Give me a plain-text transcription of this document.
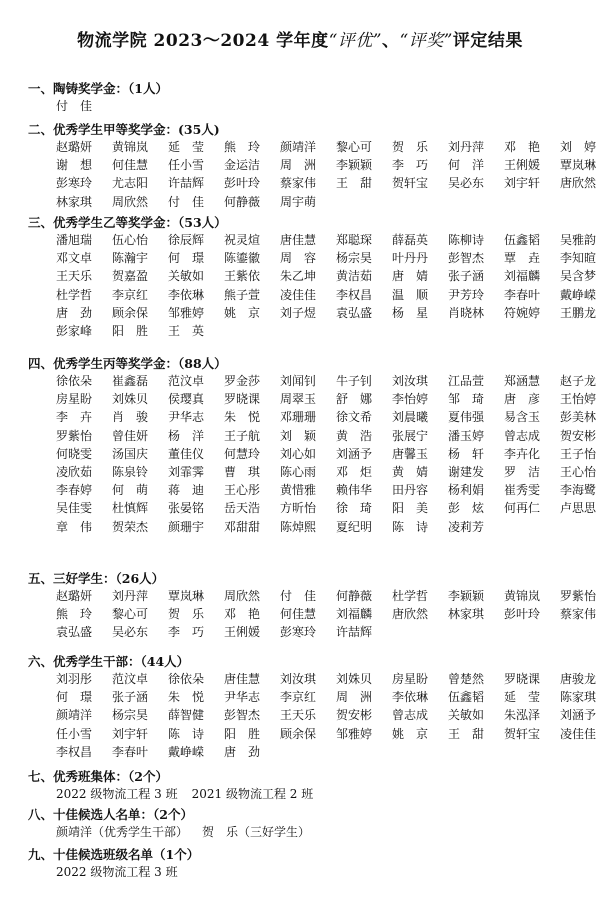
物流学院 2023～2024 学年度“评优”、“评奖”评定结果
一、陶铸奖学金：（1人）
付　佳
二、优秀学生甲等奖学金：(35人)
赵璐妍 黄锦岚 延　莹 熊　玲 颜靖洋 黎心可 贺　乐 刘丹萍 邓　艳 刘　婷
谢　想 何佳慧 任小雪 金运洁 周　洲 李颖颖 李　巧 何　洋 王俐媛 覃岚琳
彭寒玲 尤志阳 许喆辉 彭叶玲 蔡家伟 王　甜 贺轩宝 吴必东 刘宇轩 唐欣然
林家琪 周欣然 付　佳 何静薇 周宇萌
三、优秀学生乙等奖学金：（53人）
潘旭瑞 伍心怡 徐辰辉 祝灵煊 唐佳慧 郑聪琛 薛磊英 陈柳诗 伍鑫韬 吴雅韵
邓文卓 陈瀚宇 何　璟 陈鎏徽 周　容 杨宗昊 叶丹丹 彭智杰 覃　垚 李知暄
王天乐 贺嘉盈 关敏如 王紫依 朱乙坤 黄洁茹 唐　婧 张子涵 刘福麟 吴含梦
杜学哲 李京红 李依琳 熊子萱 凌佳佳 李权昌 温　顺 尹芳玲 李春叶 戴峥嵘
唐　劲 顾余保 邹雅婷 姚　京 刘子煜 袁弘盛 杨　星 肖晓林 符婉婷 王鹏龙
彭家峰 阳　胜 王　英
四、优秀学生丙等奖学金：（88人）
徐依朵 崔鑫磊 范汶卓 罗金莎 刘闻钊 牛子钊 刘汝琪 江品萱 郑涵慧 赵子龙
房星盼 刘姝贝 侯璎真 罗晓课 周翠玉 舒　娜 李怡婷 邹　琦 唐　彦 王怡婷
李　卉 肖　骏 尹华志 朱　悦 邓珊珊 徐文希 刘晨曦 夏伟强 易含玉 彭美林
罗紫怡 曾佳妍 杨　洋 王子航 刘　颖 黄　浩 张展宁 潘玉婷 曾志成 贺安彬
何晓雯 汤国庆 董佳仪 何慧玲 刘心如 刘涵予 唐馨玉 杨　轩 李卉化 王子怡
凌欣茹 陈泉铃 刘霏霁 曹　琪 陈心雨 邓　炬 黄　婧 谢建发 罗　洁 王心怡
李春婷 何　萌 蒋　迪 王心彤 黄惜雅 赖伟华 田丹容 杨利娟 崔秀雯 李海鹭
吴佳雯 杜慎辉 张晏铭 岳天浩 方昕怡 徐　琦 阳　美 彭　炫 何再仁 卢思思
章　伟 贺荣杰 颜珊宇 邓甜甜 陈焯熙 夏纪明 陈　诗 凌莉芳
五、三好学生：（26人）
赵璐妍 刘丹萍 覃岚琳 周欣然 付　佳 何静薇 杜学哲 李颖颖 黄锦岚 罗紫怡
熊　玲 黎心可 贺　乐 邓　艳 何佳慧 刘福麟 唐欣然 林家琪 彭叶玲 蔡家伟
袁弘盛 吴必东 李　巧 王俐媛 彭寒玲 许喆辉
六、优秀学生干部：（44人）
刘羽彤 范汶卓 徐依朵 唐佳慧 刘汝琪 刘姝贝 房星盼 曾楚然 罗晓课 唐骏龙
何　璟 张子涵 朱　悦 尹华志 李京红 周　洲 李依琳 伍鑫韬 延　莹 陈家琪
颜靖洋 杨宗昊 薛智健 彭智杰 王天乐 贺安彬 曾志成 关敏如 朱泓泽 刘涵予
任小雪 刘宇轩 陈　诗 阳　胜 顾余保 邹雅婷 姚　京 王　甜 贺轩宝 凌佳佳
李权昌 李春叶 戴峥嵘 唐　劲
七、优秀班集体：（2个）
2022 级物流工程 3 班 2021 级物流工程 2 班
八、十佳候选人名单：（2个）
颜靖洋（优秀学生干部） 贺　乐（三好学生）
九、十佳候选班级名单（1个）
2022 级物流工程 3 班
